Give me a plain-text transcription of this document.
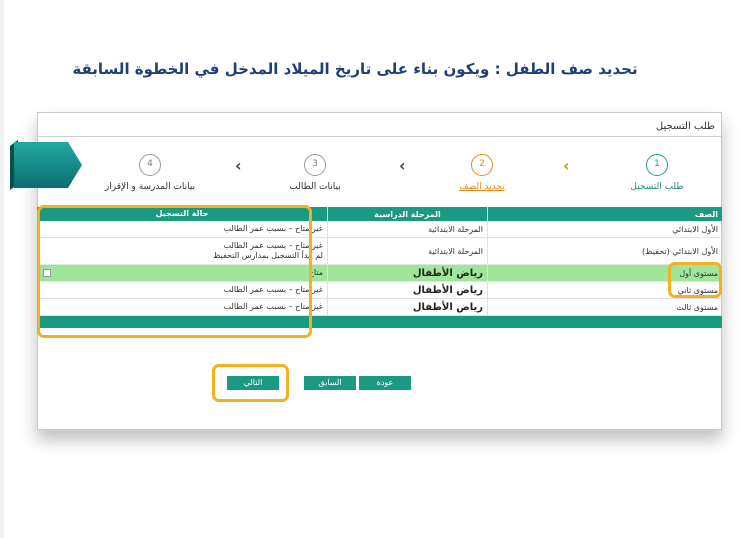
تحديد صف الطفل : ويكون بناء على تاريخ الميلاد المدخل في الخطوة السابقة
طلب التسجيل
1
طلب التسجيل
‹
2
تحديد الصف
‹
3
بيانات الطالب
‹
4
بيانات المدرسة و الإقرار
الصف
المرحلة الدراسية
حالة التسجيل
الأول الابتدائي
المرحلة الابتدائية
غير متاح – بسبب عمر الطالب
الأول الابتدائي (تحفيظ)
المرحلة الابتدائية
غير متاح – بسبب عمر الطالب
لم يبدأ التسجيل بمدارس التحفيظ
مستوى أول
رياض الأطفال
متاح
مستوى ثاني
رياض الأطفال
غير متاح – بسبب عمر الطالب
مستوى ثالث
رياض الأطفال
غير متاح – بسبب عمر الطالب
عودة
السابق
التالي
